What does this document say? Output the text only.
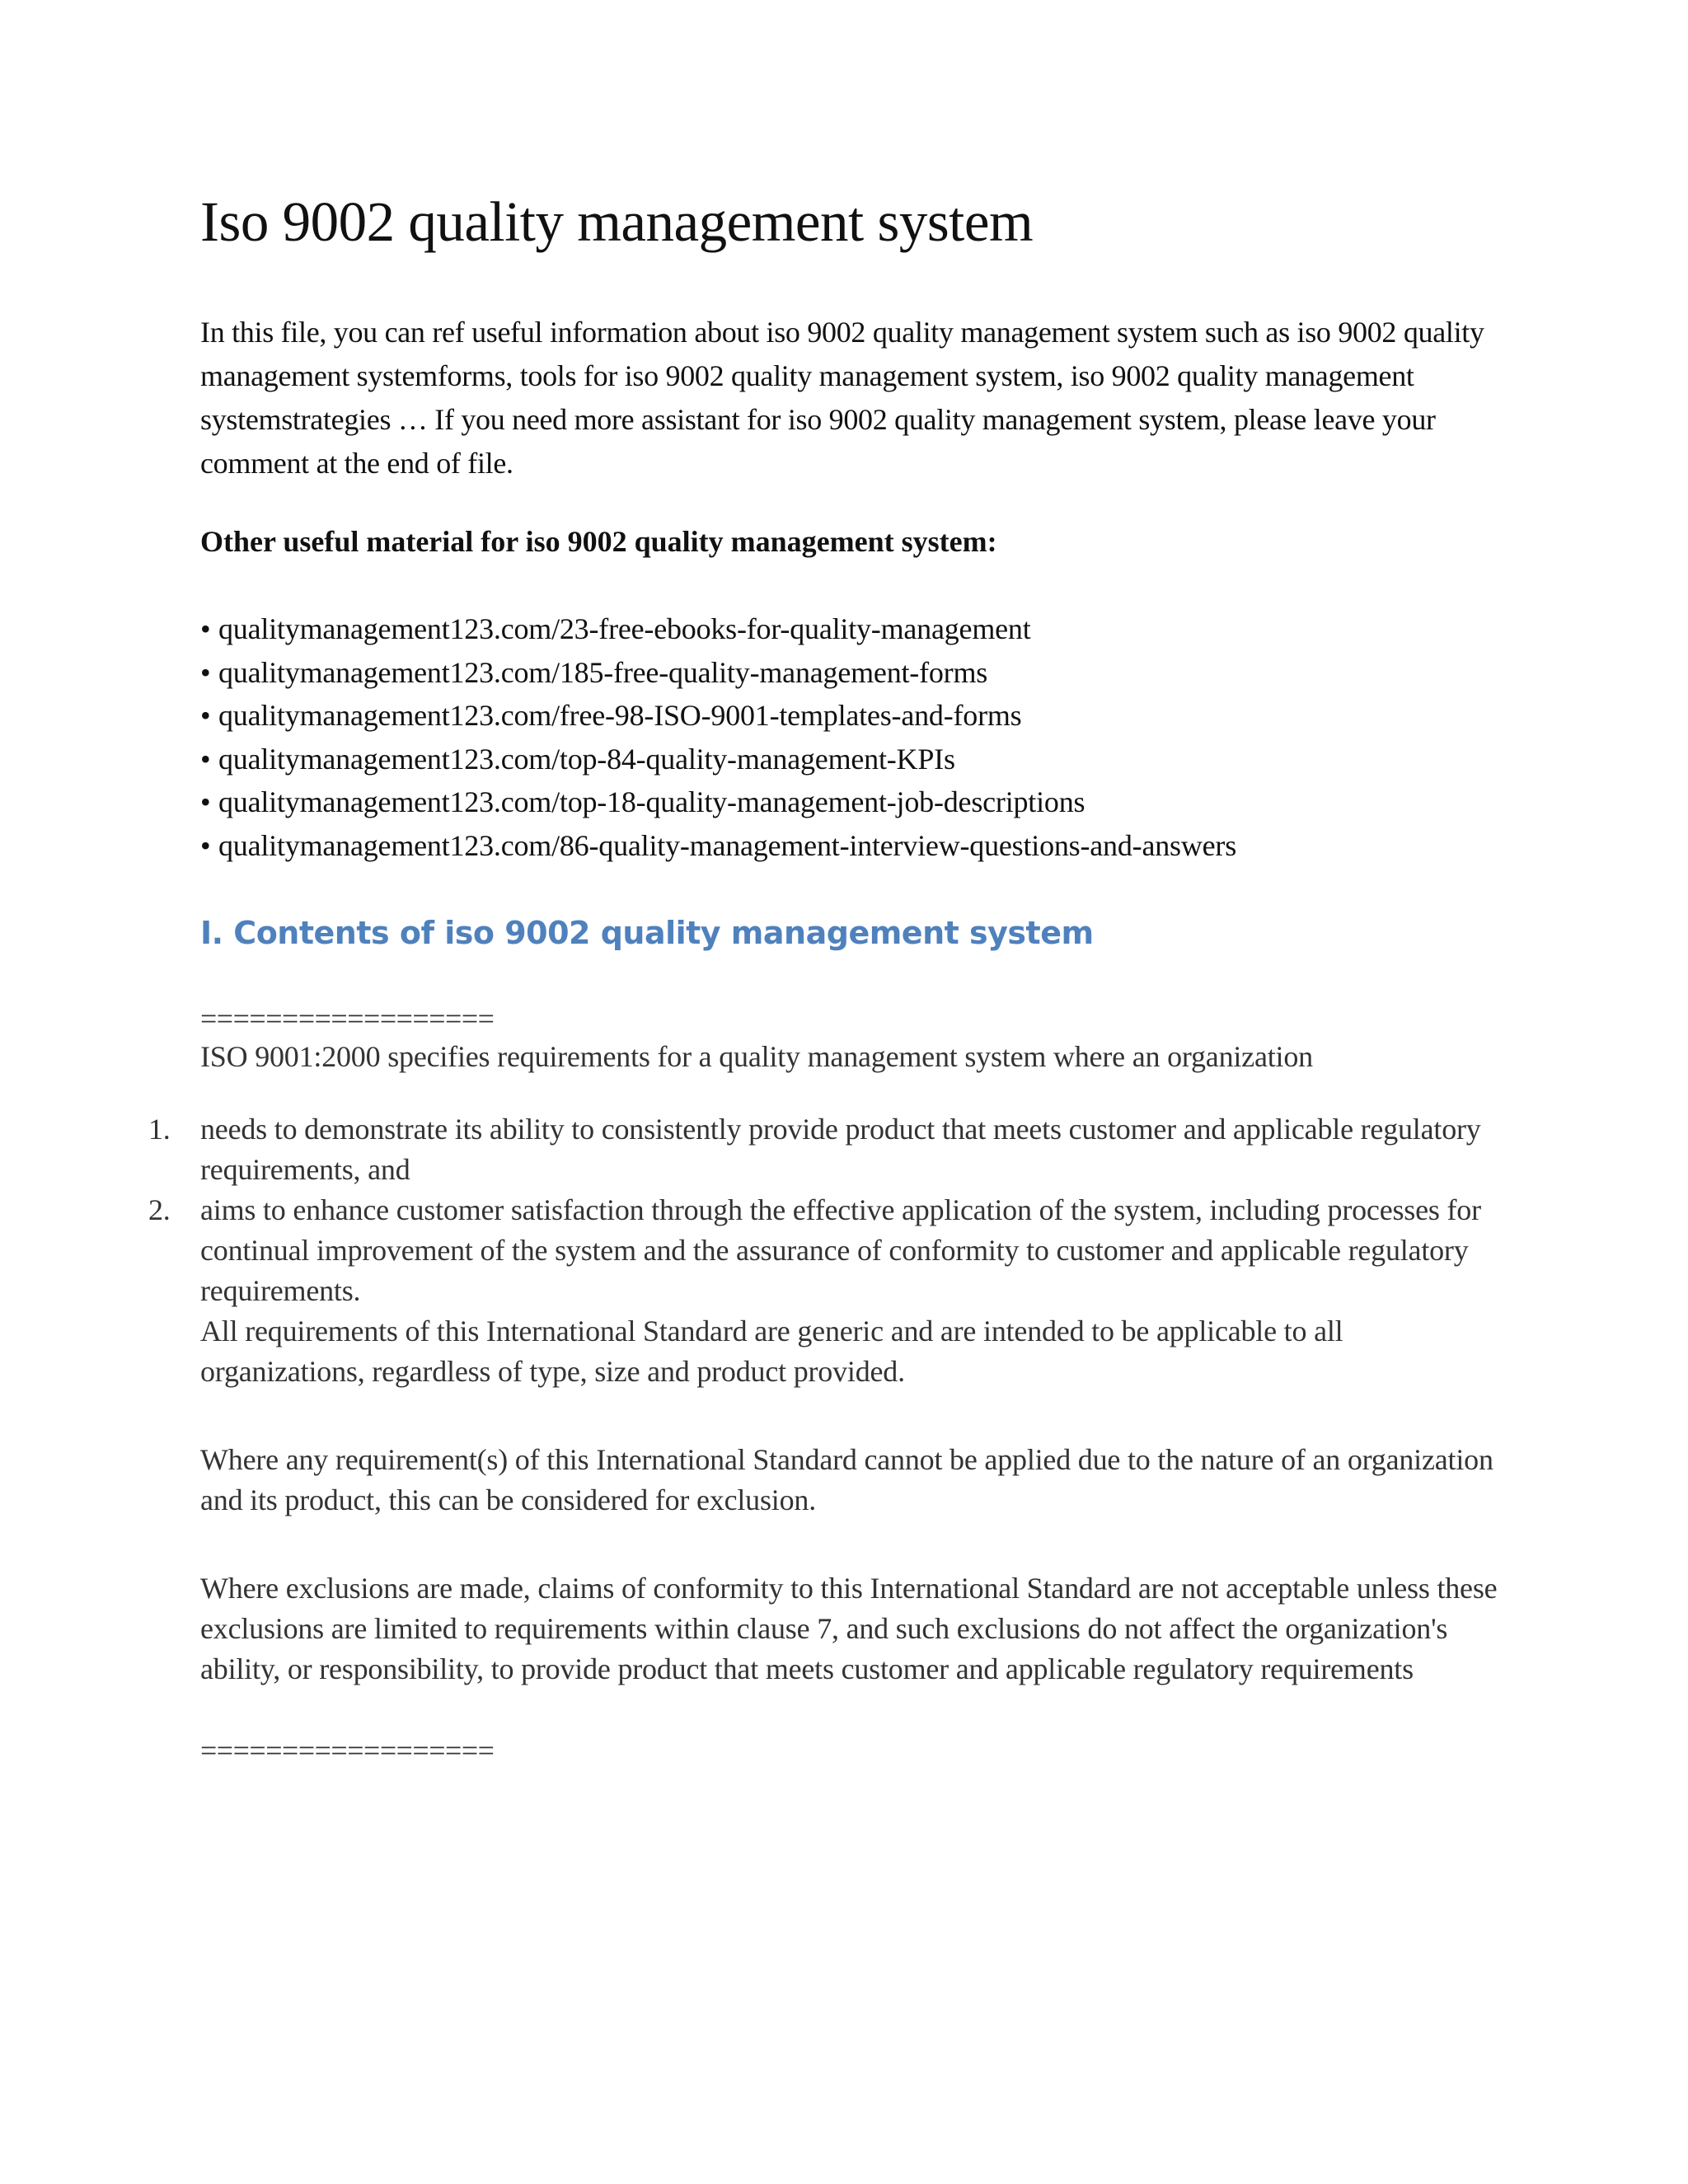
Iso 9002 quality management system

In this file, you can ref useful information about iso 9002 quality management system such as iso 9002 quality management systemforms, tools for iso 9002 quality management system, iso 9002 quality management systemstrategies … If you need more assistant for iso 9002 quality management system, please leave your comment at the end of file.

Other useful material for iso 9002 quality management system:
• qualitymanagement123.com/23-free-ebooks-for-quality-management
• qualitymanagement123.com/185-free-quality-management-forms
• qualitymanagement123.com/free-98-ISO-9001-templates-and-forms
• qualitymanagement123.com/top-84-quality-management-KPIs
• qualitymanagement123.com/top-18-quality-management-job-descriptions
• qualitymanagement123.com/86-quality-management-interview-questions-and-answers
I. Contents of iso 9002 quality management system
==================

ISO 9001:2000 specifies requirements for a quality management system where an organization

1.	needs to demonstrate its ability to consistently provide product that meets customer and applicable regulatory requirements, and
2.	aims to enhance customer satisfaction through the effective application of the system, including processes for continual improvement of the system and the assurance of conformity to customer and applicable regulatory requirements.

All requirements of this International Standard are generic and are intended to be applicable to all organizations, regardless of type, size and product provided.

Where any requirement(s) of this International Standard cannot be applied due to the nature of an organization and its product, this can be considered for exclusion.

Where exclusions are made, claims of conformity to this International Standard are not acceptable unless these exclusions are limited to requirements within clause 7, and such exclusions do not affect the organization's ability, or responsibility, to provide product that meets customer and applicable regulatory requirements

==================
